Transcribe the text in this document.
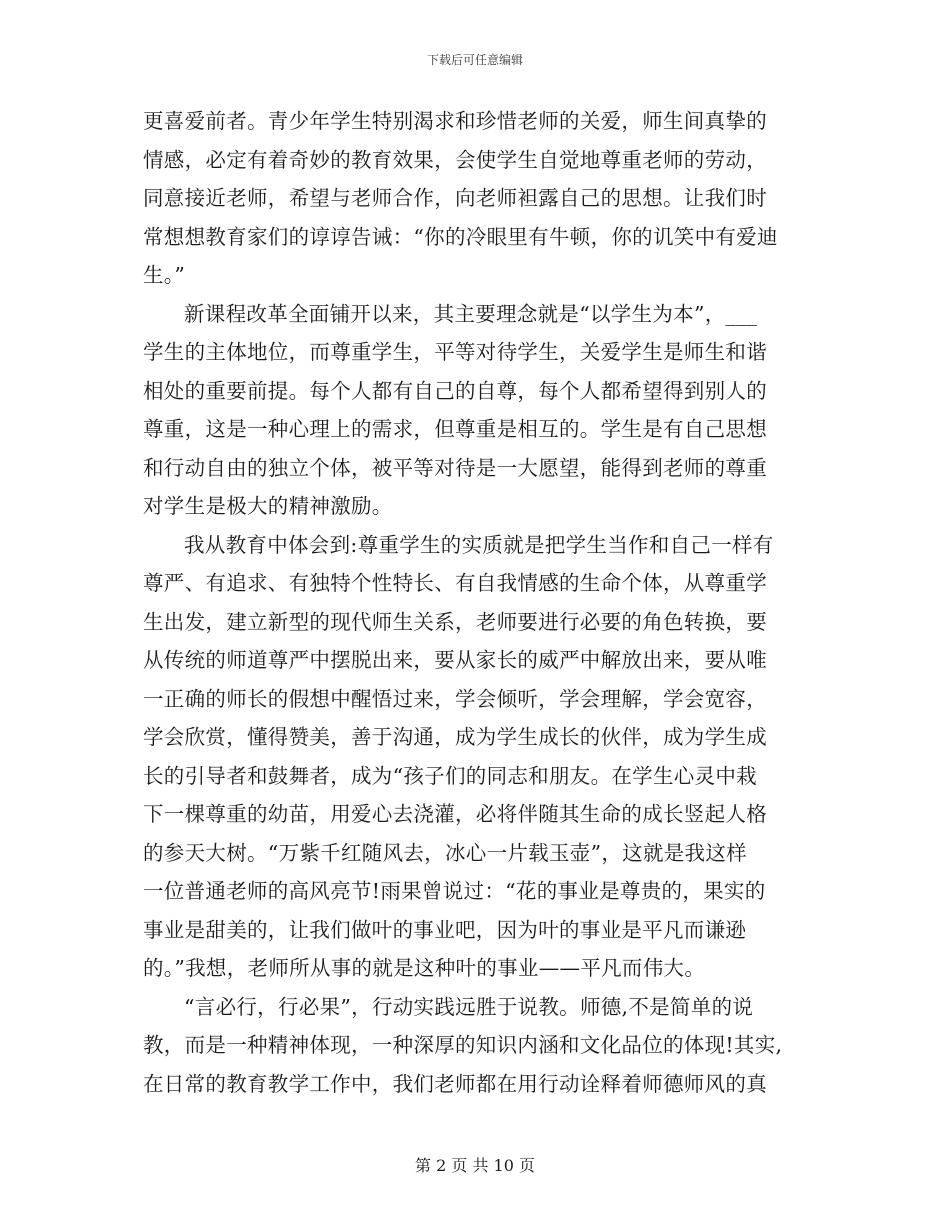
下载后可任意编辑
更喜爱前者。青少年学生特别渴求和珍惜老师的关爱，师生间真挚的
情感，必定有着奇妙的教育效果，会使学生自觉地尊重老师的劳动，
同意接近老师，希望与老师合作，向老师袒露自己的思想。让我们时
常想想教育家们的谆谆告诫：“你的冷眼里有牛顿，你的讥笑中有爱迪
生。”
新课程改革全面铺开以来，其主要理念就是“以学生为本”，___
学生的主体地位，而尊重学生，平等对待学生，关爱学生是师生和谐
相处的重要前提。每个人都有自己的自尊，每个人都希望得到别人的
尊重，这是一种心理上的需求，但尊重是相互的。学生是有自己思想
和行动自由的独立个体，被平等对待是一大愿望，能得到老师的尊重
对学生是极大的精神激励。
我从教育中体会到:尊重学生的实质就是把学生当作和自己一样有
尊严、有追求、有独特个性特长、有自我情感的生命个体，从尊重学
生出发，建立新型的现代师生关系，老师要进行必要的角色转换，要
从传统的师道尊严中摆脱出来，要从家长的威严中解放出来，要从唯
一正确的师长的假想中醒悟过来，学会倾听，学会理解，学会宽容，
学会欣赏，懂得赞美，善于沟通，成为学生成长的伙伴，成为学生成
长的引导者和鼓舞者，成为“孩子们的同志和朋友。在学生心灵中栽
下一棵尊重的幼苗，用爱心去浇灌，必将伴随其生命的成长竖起人格
的参天大树。“万紫千红随风去，冰心一片载玉壶”，这就是我这样
一位普通老师的高风亮节!雨果曾说过：“花的事业是尊贵的，果实的
事业是甜美的，让我们做叶的事业吧，因为叶的事业是平凡而谦逊
的。”我想，老师所从事的就是这种叶的事业——平凡而伟大。
“言必行，行必果”，行动实践远胜于说教。师德,不是简单的说
教，而是一种精神体现，一种深厚的知识内涵和文化品位的体现!其实,
在日常的教育教学工作中，我们老师都在用行动诠释着师德师风的真
第 2 页 共 10 页
